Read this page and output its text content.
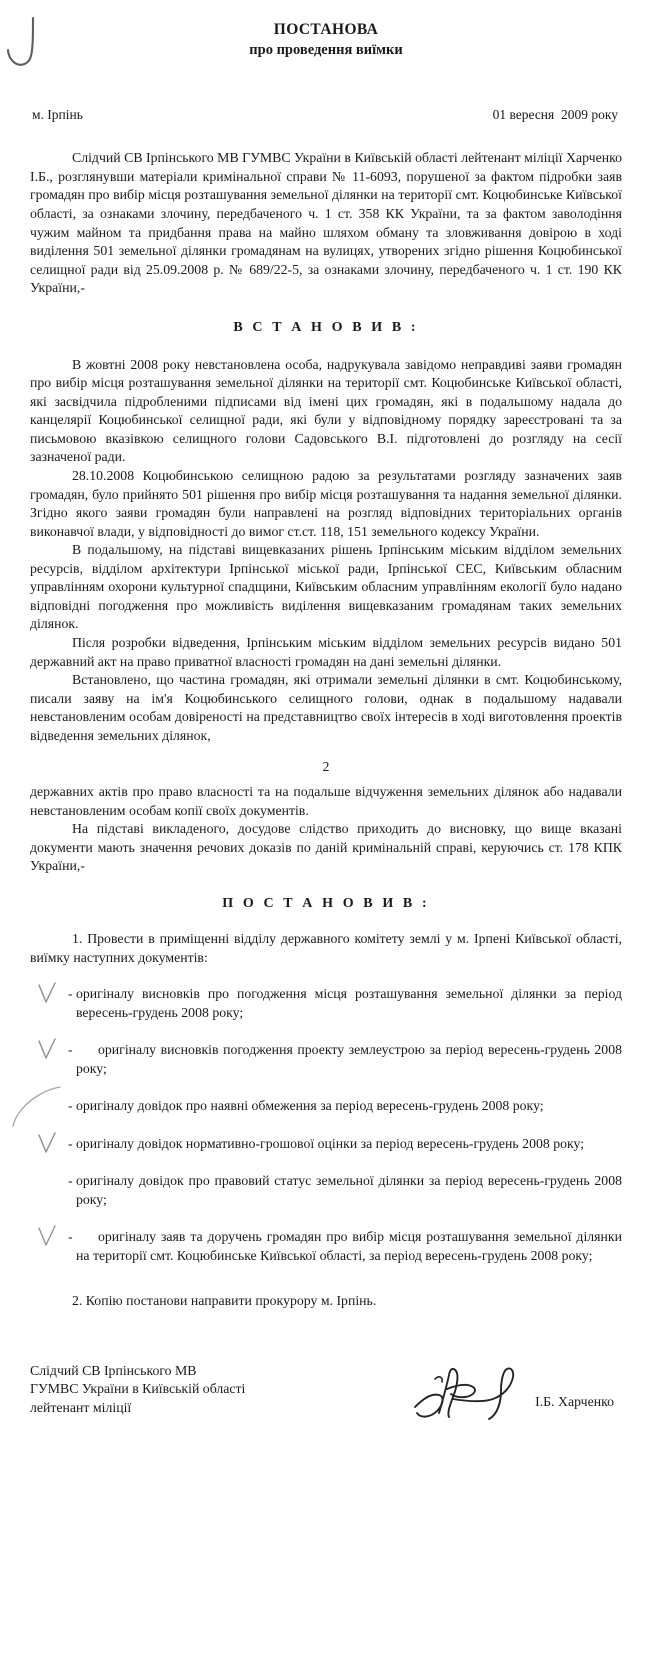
ПОСТАНОВА
про проведення виїмки
м. Ірпінь	01 вересня  2009 року

Слідчий СВ Ірпінського МВ ГУМВС України в Київській області лейтенант міліції Харченко І.Б., розглянувши матеріали кримінальної справи № 11-6093, порушеної за фактом підробки заяв громадян про вибір місця розташування земельної ділянки на території смт. Коцюбинське Київської області, за ознаками злочину, передбаченого ч. 1 ст. 358 КК України, та за фактом заволодіння чужим майном та придбання права на майно шляхом обману та зловживання довірою в ході виділення 501 земельної ділянки громадянам на вулицях, утворених згідно рішення Коцюбинської селищної ради від 25.09.2008 р. № 689/22-5, за ознаками злочину, передбаченого ч. 1 ст. 190 КК України,-

В С Т А Н О В И В :

В жовтні 2008 року невстановлена особа, надрукувала завідомо неправдиві заяви громадян про вибір місця розташування земельної ділянки на території смт. Коцюбинське Київської області, які засвідчила підробленими підписами від імені цих громадян, які в подальшому надала до канцелярії Коцюбинської селищної ради, які були у відповідному порядку зареєстровані та за письмовою вказівкою селищного голови Садовського В.І. підготовлені до розгляду на сесії зазначеної ради.

28.10.2008 Коцюбинською селищною радою за результатами розгляду зазначених заяв громадян, було прийнято 501 рішення про вибір місця розташування та надання земельної ділянки. Згідно якого заяви громадян були направлені на розгляд відповідних територіальних органів виконавчої влади, у відповідності до вимог ст.ст. 118, 151 земельного кодексу України.

В подальшому, на підставі вищевказаних рішень Ірпінським міським відділом земельних ресурсів, відділом архітектури Ірпінської міської ради, Ірпінської СЕС, Київським обласним управлінням охорони культурної спадщини, Київським обласним управлінням екології було надано відповідні погодження про можливість виділення вищевказаним громадянам таких земельних ділянок.

Після розробки відведення, Ірпінським міським відділом земельних ресурсів видано 501 державний акт на право приватної власності громадян на дані земельні ділянки.

Встановлено, що частина громадян, які отримали земельні ділянки в смт. Коцюбинському, писали заяву на ім'я Коцюбинського селищного голови, однак в подальшому надавали невстановленим особам довіреності на представництво своїх інтересів в ході виготовлення проектів відведення земельних ділянок,

2

державних актів про право власності та на подальше відчуження земельних ділянок або надавали невстановленим особам копії своїх документів.

На підставі викладеного, досудове слідство приходить до висновку, що вище вказані документи мають значення речових доказів по даній кримінальній справі, керуючись ст. 178 КПК України,-

П О С Т А Н О В И В :

1. Провести в приміщенні відділу державного комітету землі у м. Ірпені Київської області, виїмку наступних документів:

- оригіналу висновків про погодження місця розташування земельної ділянки за період вересень-грудень 2008 року;
-	оригіналу висновків погодження проекту землеустрою за період вересень-грудень 2008 року;
- оригіналу довідок про наявні обмеження за період вересень-грудень 2008 року;
- оригіналу довідок нормативно-грошової оцінки за період вересень-грудень 2008 року;
- оригіналу довідок про правовий статус земельної ділянки за період вересень-грудень 2008 року;
-	оригіналу заяв та доручень громадян про вибір місця розташування земельної ділянки на території смт. Коцюбинське Київської області, за період вересень-грудень 2008 року;

2. Копію постанови направити прокурору м. Ірпінь.

Слідчий СВ Ірпінського МВ
ГУМВС України в Київській області
лейтенант міліції	І.Б. Харченко
